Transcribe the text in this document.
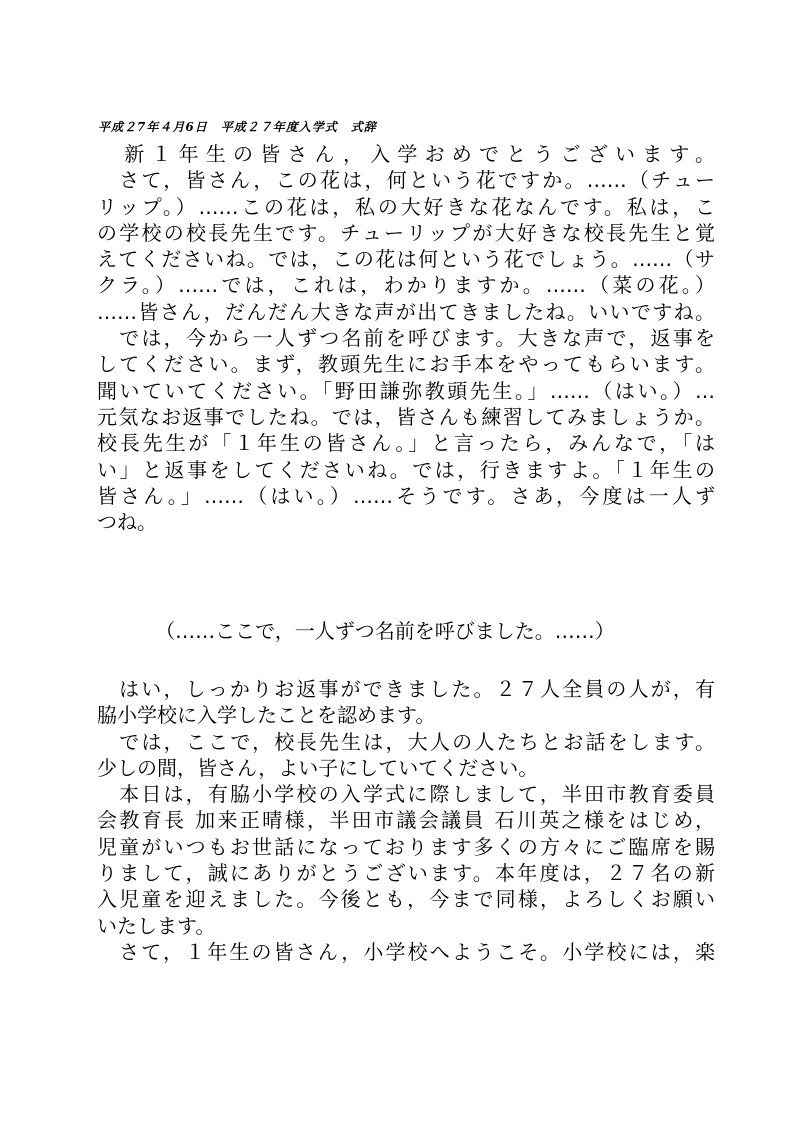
平成２7年４月6日　平成２７年度入学式　式辞
　新１年生の皆さん，入学おめでとうございます。
　さて，皆さん，この花は，何という花ですか。……（チュー
リップ。）……この花は，私の大好きな花なんです。私は，こ
の学校の校長先生です。チューリップが大好きな校長先生と覚
えてくださいね。では，この花は何という花でしょう。……（サ
クラ。）……では，これは，わかりますか。……（菜の花。）
……皆さん，だんだん大きな声が出てきましたね。いいですね。
　では，今から一人ずつ名前を呼びます。大きな声で，返事を
してください。まず，教頭先生にお手本をやってもらいます。
聞いていてください。「野田謙弥教頭先生。」……（はい。）…
元気なお返事でしたね。では，皆さんも練習してみましょうか。
校長先生が「１年生の皆さん。」と言ったら，みんなで，「は
い」と返事をしてくださいね。では，行きますよ。「１年生の
皆さん。」……（はい。）……そうです。さあ，今度は一人ず
つね。
（……ここで，一人ずつ名前を呼びました。……）
　はい，しっかりお返事ができました。２７人全員の人が，有
脇小学校に入学したことを認めます。
　では，ここで，校長先生は，大人の人たちとお話をします。
少しの間，皆さん，よい子にしていてください。
　本日は，有脇小学校の入学式に際しまして，半田市教育委員
会教育長 加来正晴様，半田市議会議員 石川英之様をはじめ，
児童がいつもお世話になっております多くの方々にご臨席を賜
りまして，誠にありがとうございます。本年度は，２７名の新
入児童を迎えました。今後とも，今まで同様，よろしくお願い
いたします。
　さて，１年生の皆さん，小学校へようこそ。小学校には，楽
